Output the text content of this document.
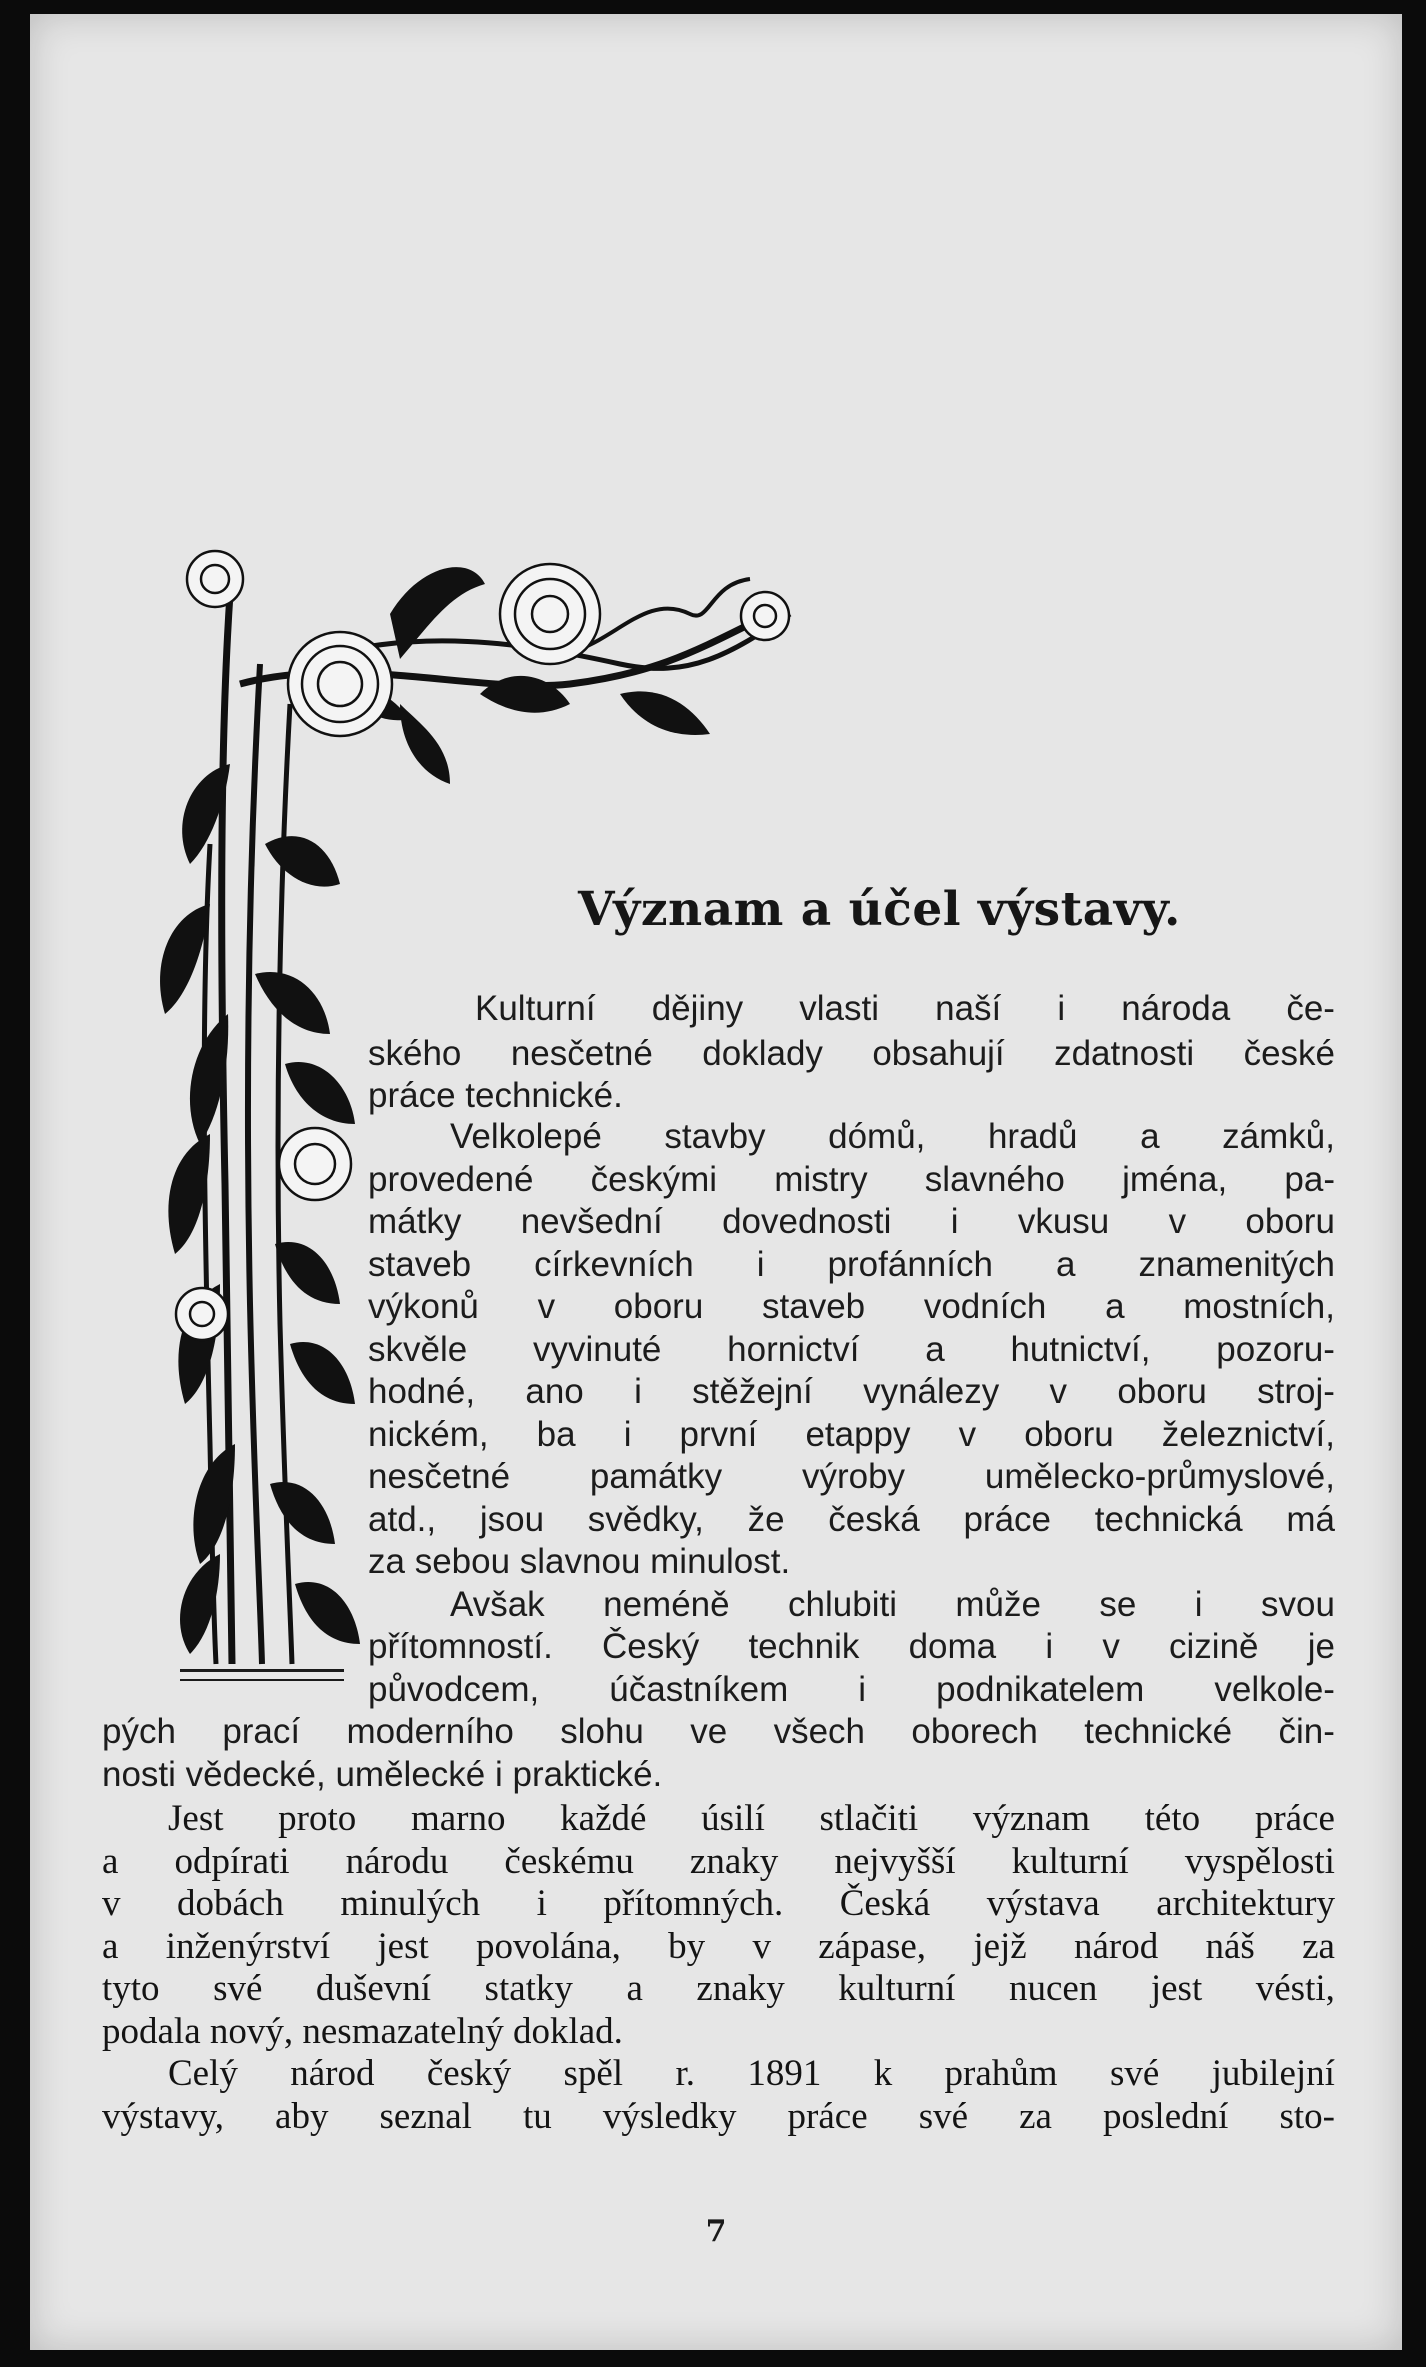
Význam a účel výstavy.
Kulturní dějiny vlasti naší i národa če-
ského nesčetné doklady obsahují zdatnosti české
práce technické.
Velkolepé stavby dómů, hradů a zámků,
provedené českými mistry slavného jména, pa-
mátky nevšední dovednosti i vkusu v oboru
staveb církevních i profánních a znamenitých
výkonů v oboru staveb vodních a mostních,
skvěle vyvinuté hornictví a hutnictví, pozoru-
hodné, ano i stěžejní vynálezy v oboru stroj-
nickém, ba i první etappy v oboru železnictví,
nesčetné památky výroby umělecko-průmyslové,
atd., jsou svědky, že česká práce technická má
za sebou slavnou minulost.
Avšak neméně chlubiti může se i svou
přítomností. Český technik doma i v cizině je
původcem, účastníkem i podnikatelem velkole-
pých prací moderního slohu ve všech oborech technické čin-
nosti vědecké, umělecké i praktické.
Jest proto marno každé úsilí stlačiti význam této práce
a odpírati národu českému znaky nejvyšší kulturní vyspělosti
v dobách minulých i přítomných. Česká výstava architektury
a inženýrství jest povolána, by v zápase, jejž národ náš za
tyto své duševní statky a znaky kulturní nucen jest vésti,
podala nový, nesmazatelný doklad.
Celý národ český spěl r. 1891 k prahům své jubilejní
výstavy, aby seznal tu výsledky práce své za poslední sto-
7
